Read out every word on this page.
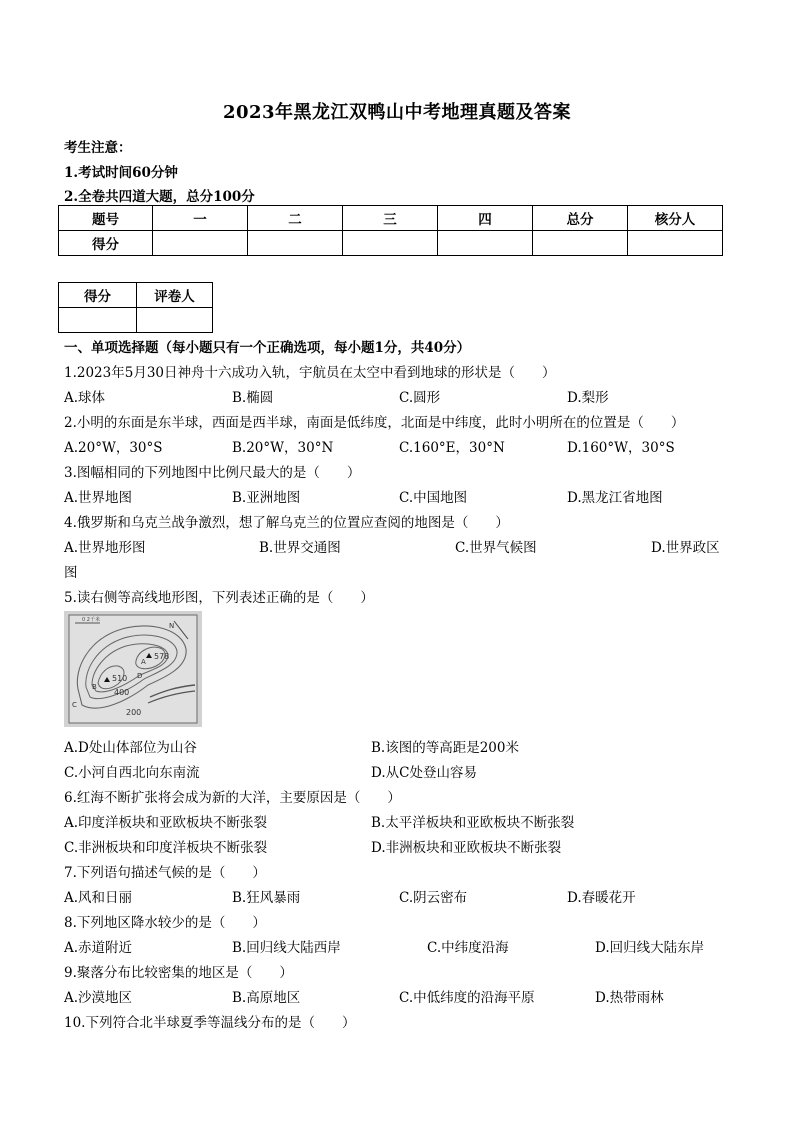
2023年黑龙江双鸭山中考地理真题及答案
考生注意：
1.考试时间60分钟
2.全卷共四道大题，总分100分
题号	一	二	三	四	总分	核分人
得分						
得分	评卷人

一、单项选择题（每小题只有一个正确选项，每小题1分，共40分）
1.2023年5月30日神舟十六成功入轨，宇航员在太空中看到地球的形状是（　　）
A.球体	B.椭圆	C.圆形	D.梨形
2.小明的东面是东半球，西面是西半球，南面是低纬度，北面是中纬度，此时小明所在的位置是（　　）
A.20°W，30°S	B.20°W，30°N	C.160°E，30°N	D.160°W，30°S
3.图幅相同的下列地图中比例尺最大的是（　　）
A.世界地图	B.亚洲地图	C.中国地图	D.黑龙江省地图
4.俄罗斯和乌克兰战争激烈，想了解乌克兰的位置应查阅的地图是（　　）
A.世界地形图	B.世界交通图	C.世界气候图	D.世界政区
图
5.读右侧等高线地形图，下列表述正确的是（　　）
0 2千米
N
578
510
400
200
A
B
C
D
A.D处山体部位为山谷	B.该图的等高距是200米
C.小河自西北向东南流	D.从C处登山容易
6.红海不断扩张将会成为新的大洋，主要原因是（　　）
A.印度洋板块和亚欧板块不断张裂	B.太平洋板块和亚欧板块不断张裂
C.非洲板块和印度洋板块不断张裂	D.非洲板块和亚欧板块不断张裂
7.下列语句描述气候的是（　　）
A.风和日丽	B.狂风暴雨	C.阴云密布	D.春暖花开
8.下列地区降水较少的是（　　）
A.赤道附近	B.回归线大陆西岸	C.中纬度沿海	D.回归线大陆东岸
9.聚落分布比较密集的地区是（　　）
A.沙漠地区	B.高原地区	C.中低纬度的沿海平原	D.热带雨林
10.下列符合北半球夏季等温线分布的是（　　）
